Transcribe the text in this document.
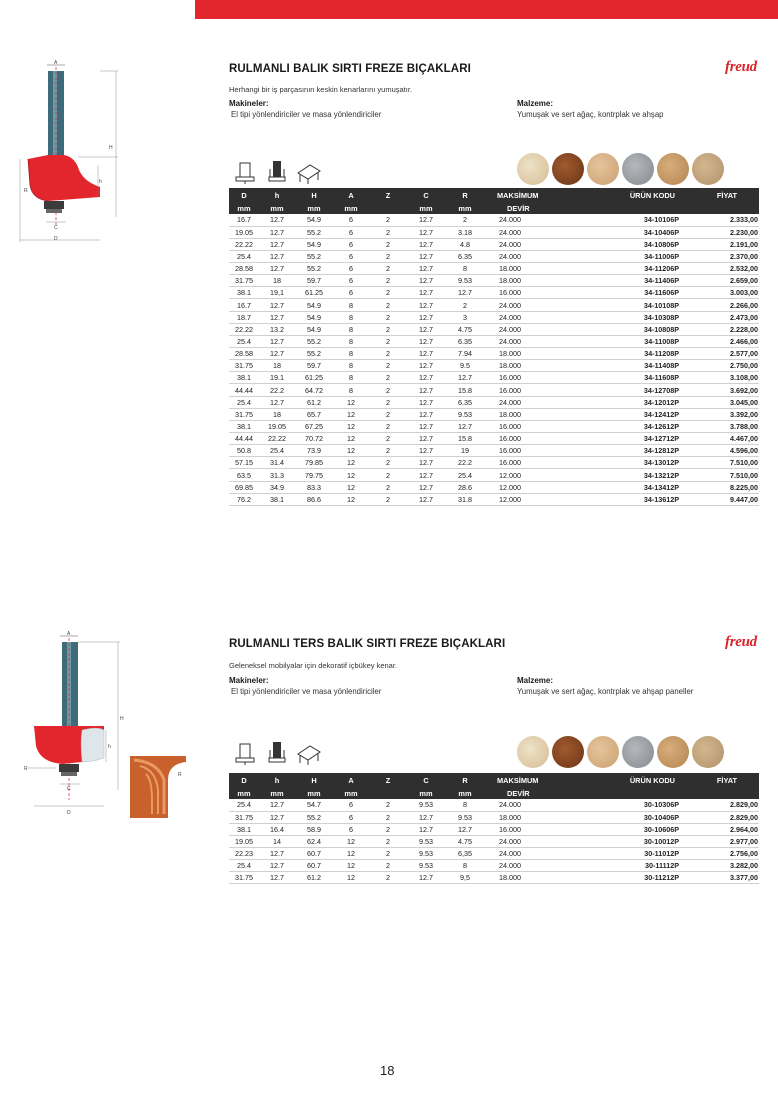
A
H
h
R
C
D
RULMANLI BALIK SIRTI FREZE BIÇAKLARI	freud
Herhangi bir iş parçasının keskin kenarlarını yumuşatır.
Makineler:
El tipi yönlendiriciler ve masa yönlendiriciler
Malzeme:
Yumuşak ve sert ağaç, kontrplak ve ahşap
D	h	H	A	Z	C	R	MAKSİMUM	ÜRÜN KODU	FİYAT
mm	mm	mm	mm		mm	mm	DEVİR		
16.7	12.7	54.9	6	2	12.7	2	24.000	34-10106P	2.333,00
19.05	12.7	55.2	6	2	12.7	3.18	24.000	34-10406P	2.230,00
22.22	12.7	54.9	6	2	12.7	4.8	24.000	34-10806P	2.191,00
25.4	12.7	55.2	6	2	12.7	6.35	24.000	34-11006P	2.370,00
28.58	12.7	55.2	6	2	12.7	8	18.000	34-11206P	2.532,00
31.75	18	59.7	6	2	12.7	9.53	18.000	34-11406P	2.659,00
38.1	19,1	61.25	6	2	12.7	12.7	16.000	34-11606P	3.003,00
16.7	12.7	54.9	8	2	12.7	2	24.000	34-10108P	2.266,00
18.7	12.7	54.9	8	2	12.7	3	24.000	34-10308P	2.473,00
22.22	13.2	54.9	8	2	12.7	4.75	24.000	34-10808P	2.228,00
25.4	12.7	55.2	8	2	12.7	6.35	24.000	34-11008P	2.466,00
28.58	12.7	55.2	8	2	12.7	7.94	18.000	34-11208P	2.577,00
31.75	18	59.7	8	2	12.7	9.5	18.000	34-11408P	2.750,00
38.1	19.1	61.25	8	2	12.7	12.7	16.000	34-11608P	3.108,00
44.44	22.2	64.72	8	2	12.7	15.8	16.000	34-12708P	3.692,00
25.4	12.7	61.2	12	2	12.7	6.35	24.000	34-12012P	3.045,00
31.75	18	65.7	12	2	12.7	9.53	18.000	34-12412P	3.392,00
38.1	19.05	67.25	12	2	12.7	12.7	16.000	34-12612P	3.788,00
44.44	22.22	70.72	12	2	12.7	15.8	16.000	34-12712P	4.467,00
50.8	25.4	73.9	12	2	12.7	19	16.000	34-12812P	4.596,00
57.15	31.4	79.85	12	2	12.7	22.2	16.000	34-13012P	7.510,00
63.5	31.3	79.75	12	2	12.7	25.4	12.000	34-13212P	7.510,00
69.85	34.9	83.3	12	2	12.7	28.6	12.000	34-13412P	8.225,00
76.2	38.1	86.6	12	2	12.7	31.8	12.000	34-13612P	9.447,00
A
H
h
R
C
D
R
RULMANLI TERS BALIK SIRTI FREZE BIÇAKLARI	freud
Geleneksel mobilyalar için dekoratif içbükey kenar.
Makineler:
El tipi yönlendiriciler ve masa yönlendiriciler
Malzeme:
Yumuşak ve sert ağaç, kontrplak ve ahşap paneller
D	h	H	A	Z	C	R	MAKSİMUM	ÜRÜN KODU	FİYAT
mm	mm	mm	mm		mm	mm	DEVİR		
25.4	12.7	54.7	6	2	9.53	8	24.000	30-10306P	2.829,00
31.75	12.7	55.2	6	2	12.7	9.53	18.000	30-10406P	2.829,00
38.1	16.4	58.9	6	2	12.7	12.7	16.000	30-10606P	2.964,00
19.05	14	62.4	12	2	9.53	4.75	24.000	30-10012P	2.977,00
22.23	12.7	60.7	12	2	9.53	6,35	24.000	30-11012P	2.756,00
25.4	12.7	60.7	12	2	9.53	8	24.000	30-11112P	3.282,00
31.75	12.7	61.2	12	2	12.7	9,5	18.000	30-11212P	3.377,00
18
